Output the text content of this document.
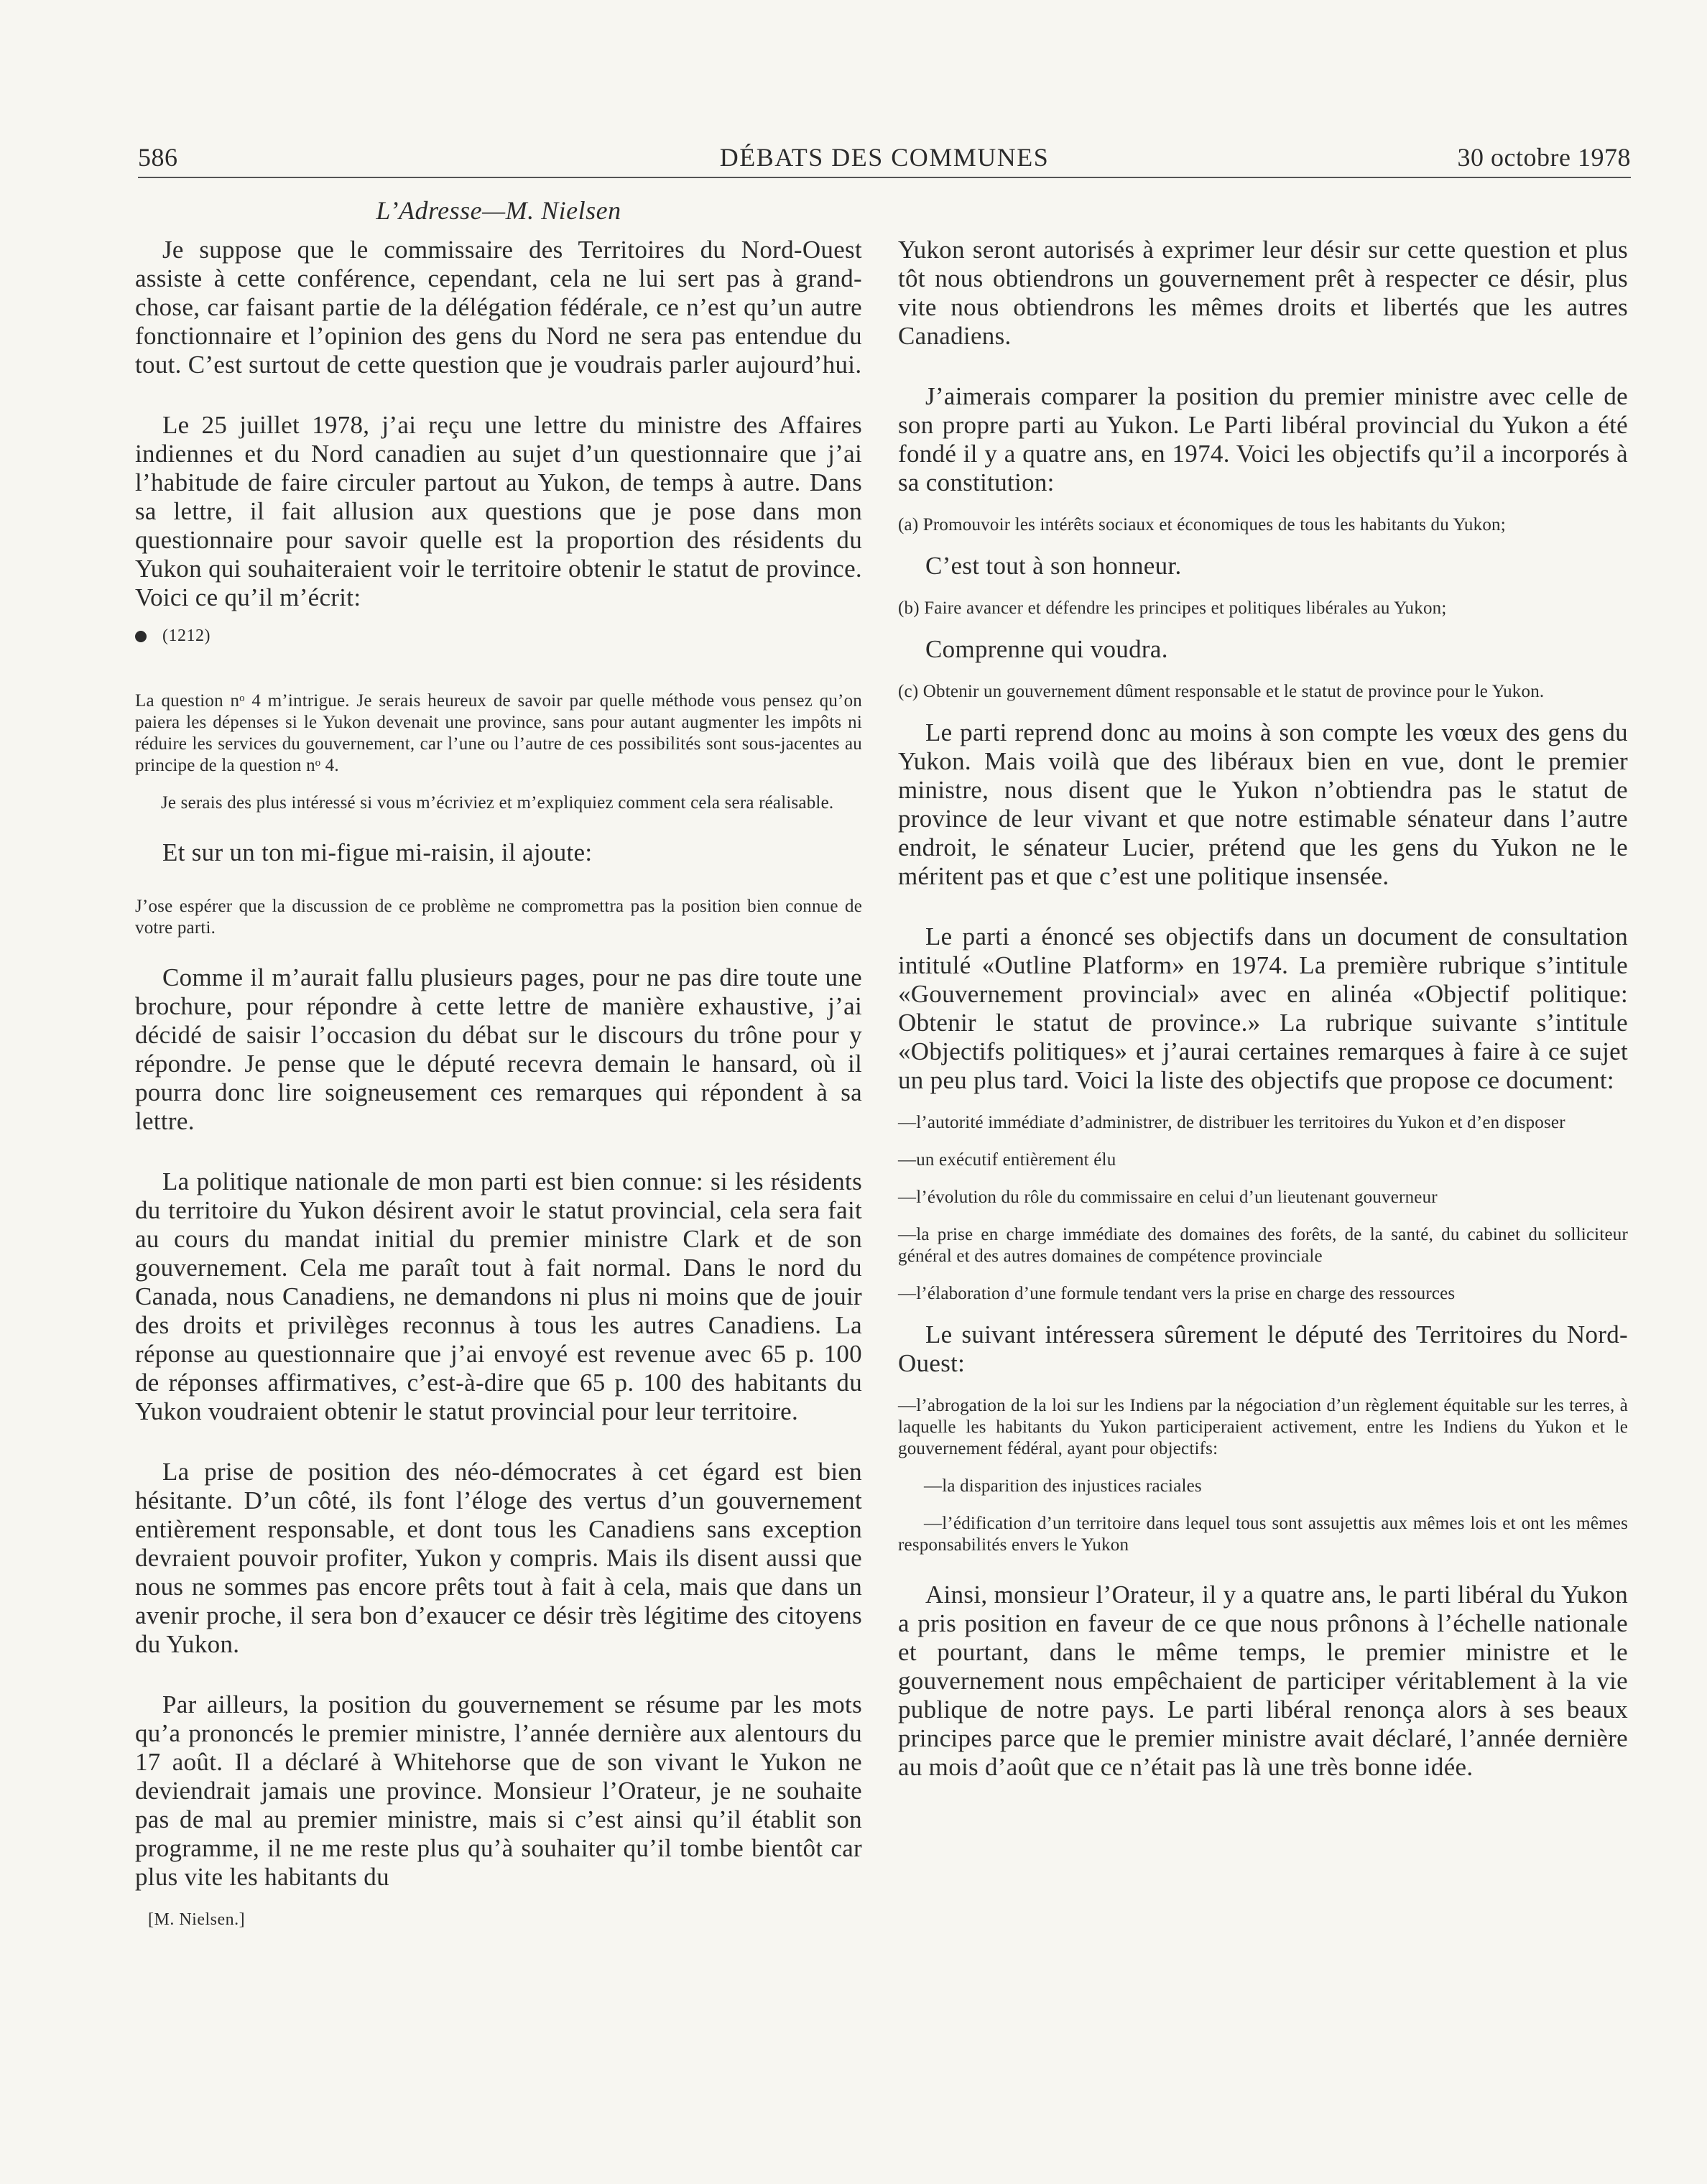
586	DÉBATS DES COMMUNES	30 octobre 1978
L’Adresse—M. Nielsen

Je suppose que le commissaire des Territoires du Nord-Ouest assiste à cette conférence, cependant, cela ne lui sert pas à grand-chose, car faisant partie de la délégation fédérale, ce n’est qu’un autre fonctionnaire et l’opinion des gens du Nord ne sera pas entendue du tout. C’est surtout de cette question que je voudrais parler aujourd’hui.

Le 25 juillet 1978, j’ai reçu une lettre du ministre des Affaires indiennes et du Nord canadien au sujet d’un questionnaire que j’ai l’habitude de faire circuler partout au Yukon, de temps à autre. Dans sa lettre, il fait allusion aux questions que je pose dans mon questionnaire pour savoir quelle est la proportion des résidents du Yukon qui souhaiteraient voir le territoire obtenir le statut de province. Voici ce qu’il m’écrit:

(1212)

La question nᵒ 4 m’intrigue. Je serais heureux de savoir par quelle méthode vous pensez qu’on paiera les dépenses si le Yukon devenait une province, sans pour autant augmenter les impôts ni réduire les services du gouvernement, car l’une ou l’autre de ces possibilités sont sous-jacentes au principe de la question nᵒ 4.

Je serais des plus intéressé si vous m’écriviez et m’expliquiez comment cela sera réalisable.

Et sur un ton mi-figue mi-raisin, il ajoute:

J’ose espérer que la discussion de ce problème ne compromettra pas la position bien connue de votre parti.

Comme il m’aurait fallu plusieurs pages, pour ne pas dire toute une brochure, pour répondre à cette lettre de manière exhaustive, j’ai décidé de saisir l’occasion du débat sur le discours du trône pour y répondre. Je pense que le député recevra demain le hansard, où il pourra donc lire soigneusement ces remarques qui répondent à sa lettre.

La politique nationale de mon parti est bien connue: si les résidents du territoire du Yukon désirent avoir le statut provincial, cela sera fait au cours du mandat initial du premier ministre Clark et de son gouvernement. Cela me paraît tout à fait normal. Dans le nord du Canada, nous Canadiens, ne demandons ni plus ni moins que de jouir des droits et privilèges reconnus à tous les autres Canadiens. La réponse au questionnaire que j’ai envoyé est revenue avec 65 p. 100 de réponses affirmatives, c’est-à-dire que 65 p. 100 des habitants du Yukon voudraient obtenir le statut provincial pour leur territoire.

La prise de position des néo-démocrates à cet égard est bien hésitante. D’un côté, ils font l’éloge des vertus d’un gouvernement entièrement responsable, et dont tous les Canadiens sans exception devraient pouvoir profiter, Yukon y compris. Mais ils disent aussi que nous ne sommes pas encore prêts tout à fait à cela, mais que dans un avenir proche, il sera bon d’exaucer ce désir très légitime des citoyens du Yukon.

Par ailleurs, la position du gouvernement se résume par les mots qu’a prononcés le premier ministre, l’année dernière aux alentours du 17 août. Il a déclaré à Whitehorse que de son vivant le Yukon ne deviendrait jamais une province. Monsieur l’Orateur, je ne souhaite pas de mal au premier ministre, mais si c’est ainsi qu’il établit son programme, il ne me reste plus qu’à souhaiter qu’il tombe bientôt car plus vite les habitants du

[M. Nielsen.]

Yukon seront autorisés à exprimer leur désir sur cette question et plus tôt nous obtiendrons un gouvernement prêt à respecter ce désir, plus vite nous obtiendrons les mêmes droits et libertés que les autres Canadiens.

J’aimerais comparer la position du premier ministre avec celle de son propre parti au Yukon. Le Parti libéral provincial du Yukon a été fondé il y a quatre ans, en 1974. Voici les objectifs qu’il a incorporés à sa constitution:

(a) Promouvoir les intérêts sociaux et économiques de tous les habitants du Yukon;

C’est tout à son honneur.

(b) Faire avancer et défendre les principes et politiques libérales au Yukon;

Comprenne qui voudra.

(c) Obtenir un gouvernement dûment responsable et le statut de province pour le Yukon.

Le parti reprend donc au moins à son compte les vœux des gens du Yukon. Mais voilà que des libéraux bien en vue, dont le premier ministre, nous disent que le Yukon n’obtiendra pas le statut de province de leur vivant et que notre estimable sénateur dans l’autre endroit, le sénateur Lucier, prétend que les gens du Yukon ne le méritent pas et que c’est une politique insensée.

Le parti a énoncé ses objectifs dans un document de consultation intitulé «Outline Platform» en 1974. La première rubrique s’intitule «Gouvernement provincial» avec en alinéa «Objectif politique: Obtenir le statut de province.» La rubrique suivante s’intitule «Objectifs politiques» et j’aurai certaines remarques à faire à ce sujet un peu plus tard. Voici la liste des objectifs que propose ce document:

—l’autorité immédiate d’administrer, de distribuer les territoires du Yukon et d’en disposer

—un exécutif entièrement élu

—l’évolution du rôle du commissaire en celui d’un lieutenant gouverneur

—la prise en charge immédiate des domaines des forêts, de la santé, du cabinet du solliciteur général et des autres domaines de compétence provinciale

—l’élaboration d’une formule tendant vers la prise en charge des ressources

Le suivant intéressera sûrement le député des Territoires du Nord-Ouest:

—l’abrogation de la loi sur les Indiens par la négociation d’un règlement équitable sur les terres, à laquelle les habitants du Yukon participeraient activement, entre les Indiens du Yukon et le gouvernement fédéral, ayant pour objectifs:

—la disparition des injustices raciales

—l’édification d’un territoire dans lequel tous sont assujettis aux mêmes lois et ont les mêmes responsabilités envers le Yukon

Ainsi, monsieur l’Orateur, il y a quatre ans, le parti libéral du Yukon a pris position en faveur de ce que nous prônons à l’échelle nationale et pourtant, dans le même temps, le premier ministre et le gouvernement nous empêchaient de participer véritablement à la vie publique de notre pays. Le parti libéral renonça alors à ses beaux principes parce que le premier ministre avait déclaré, l’année dernière au mois d’août que ce n’était pas là une très bonne idée.
